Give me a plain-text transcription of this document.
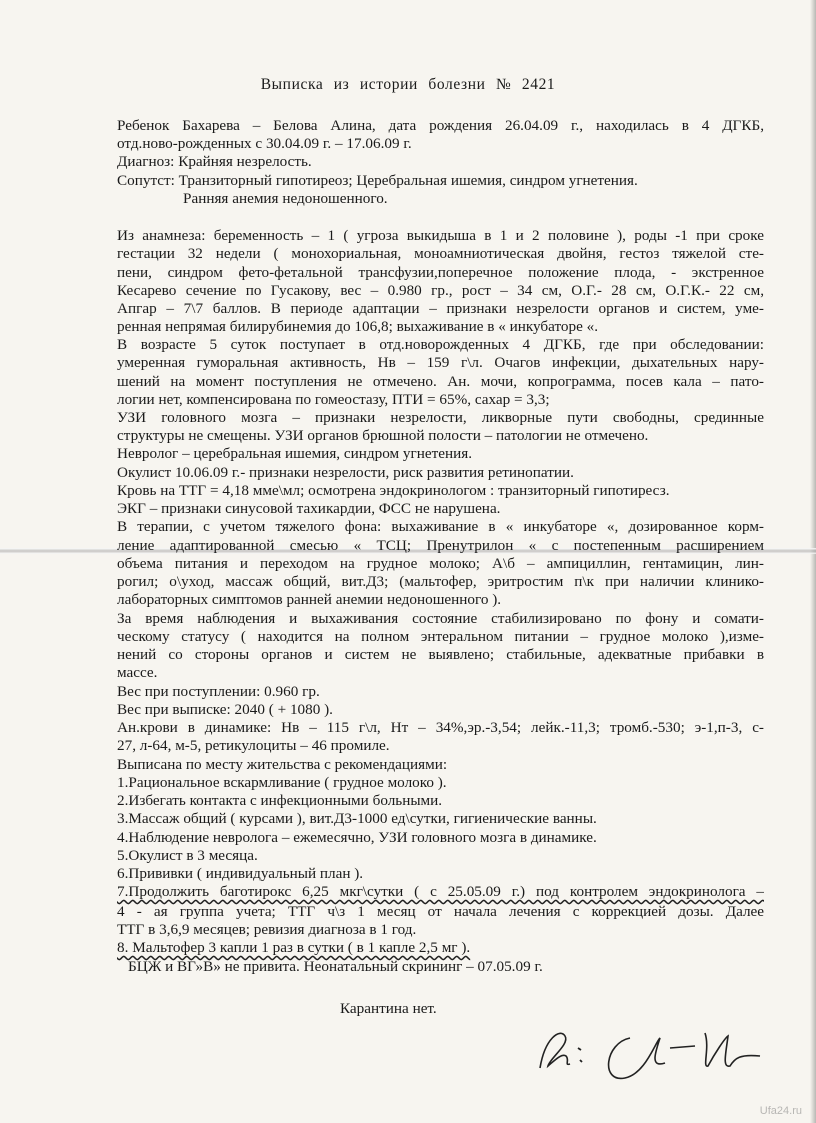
Выписка из истории болезни № 2421
Ребенок Бахарева – Белова Алина, дата рождения 26.04.09 г., находилась в 4 ДГКБ,
отд.ново-рожденных с 30.04.09 г. – 17.06.09 г.
Диагноз: Крайняя незрелость.
Сопутст: Транзиторный гипотиреоз; Церебральная ишемия, синдром угнетения.
Ранняя анемия недоношенного.
Из анамнеза: беременность – 1 ( угроза выкидыша в 1 и 2 половине ), роды -1 при сроке
гестации 32 недели ( монохориальная, моноамниотическая двойня, гестоз тяжелой сте-
пени, синдром фето-фетальной трансфузии,поперечное положение плода, - экстренное
Кесарево сечение по Гусакову, вес – 0.980 гр., рост – 34 см, О.Г.- 28 см, О.Г.К.- 22 см,
Апгар – 7\7 баллов. В периоде адаптации – признаки незрелости органов и систем, уме-
ренная непрямая билирубинемия до 106,8; выхаживание в « инкубаторе «.
В возрасте 5 суток поступает в отд.новорожденных 4 ДГКБ, где при обследовании:
умеренная гуморальная активность, Нв – 159 г\л. Очагов инфекции, дыхательных нару-
шений на момент поступления не отмечено. Ан. мочи, копрограмма, посев кала – пато-
логии нет, компенсирована по гомеостазу, ПТИ = 65%, сахар = 3,3;
УЗИ головного мозга – признаки незрелости, ликворные пути свободны, срединные
структуры не смещены. УЗИ органов брюшной полости – патологии не отмечено.
Невролог – церебральная ишемия, синдром угнетения.
Окулист 10.06.09 г.- признаки незрелости, риск развития ретинопатии.
Кровь на ТТГ = 4,18 мме\мл; осмотрена эндокринологом : транзиторный гипотиресз.
ЭКГ – признаки синусовой тахикардии, ФСС не нарушена.
В терапии, с учетом тяжелого фона: выхаживание в « инкубаторе «, дозированное корм-
ление адаптированной смесью « ТСЦ; Пренутрилон « с постепенным расширением
объема питания и переходом на грудное молоко; А\б – ампициллин, гентамицин, лин-
рогил; о\уход, массаж общий, вит.Д3; (мальтофер, эритростим п\к при наличии клинико-
лабораторных симптомов ранней анемии недоношенного ).
За время наблюдения и выхаживания состояние стабилизировано по фону и сомати-
ческому статусу ( находится на полном энтеральном питании – грудное молоко ),изме-
нений со стороны органов и систем не выявлено; стабильные, адекватные прибавки в
массе.
Вес при поступлении: 0.960 гр.
Вес при выписке: 2040 ( + 1080 ).
Ан.крови в динамике: Нв – 115 г\л, Нт – 34%,эр.-3,54; лейк.-11,3; тромб.-530; э-1,п-3, с-
27, л-64, м-5, ретикулоциты – 46 промиле.
Выписана по месту жительства с рекомендациями:
1.Рациональное вскармливание ( грудное молоко ).
2.Избегать контакта с инфекционными больными.
3.Массаж общий ( курсами ), вит.Д3-1000 ед\сутки, гигиенические ванны.
4.Наблюдение невролога – ежемесячно, УЗИ головного мозга в динамике.
5.Окулист в 3 месяца.
6.Прививки ( индивидуальный план ).
7.Продолжить баготирокс 6,25 мкг\сутки ( с 25.05.09 г.) под контролем эндокринолога –
4 - ая группа учета; ТТГ ч\з 1 месяц от начала лечения с коррекцией дозы. Далее
ТТГ в 3,6,9 месяцев; ревизия диагноза в 1 год.
8. Мальтофер 3 капли 1 раз в сутки ( в 1 капле 2,5 мг ).
БЦЖ и ВГ»В» не привита. Неонатальный скрининг – 07.05.09 г.
Карантина нет.
Ufa24.ru
